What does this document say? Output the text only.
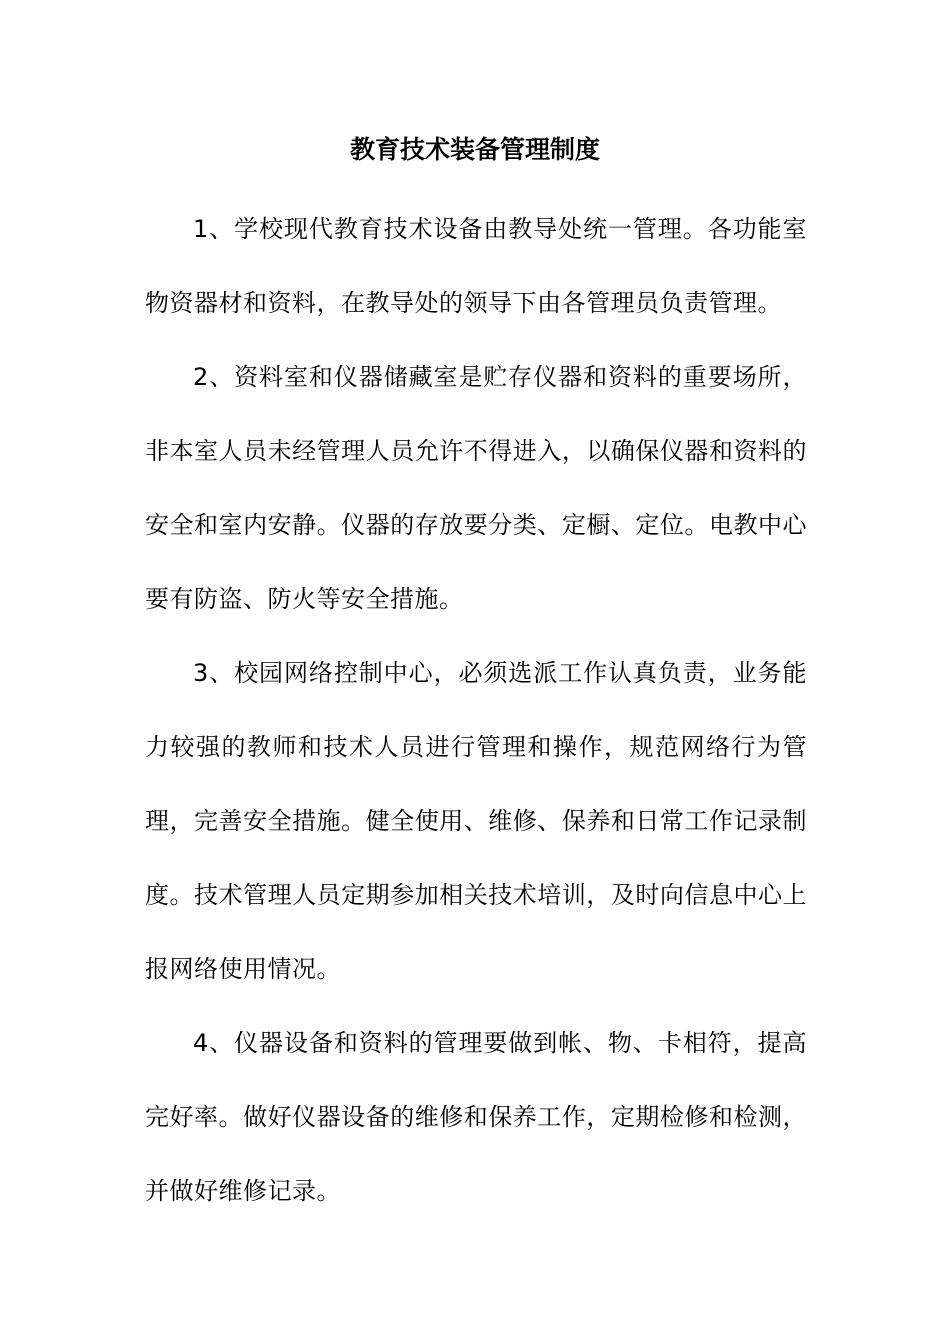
教育技术装备管理制度

1、学校现代教育技术设备由教导处统一管理。各功能室物资器材和资料，在教导处的领导下由各管理员负责管理。

2、资料室和仪器储藏室是贮存仪器和资料的重要场所，非本室人员未经管理人员允许不得进入，以确保仪器和资料的安全和室内安静。仪器的存放要分类、定橱、定位。电教中心要有防盗、防火等安全措施。

3、校园网络控制中心，必须选派工作认真负责，业务能力较强的教师和技术人员进行管理和操作，规范网络行为管理，完善安全措施。健全使用、维修、保养和日常工作记录制度。技术管理人员定期参加相关技术培训，及时向信息中心上报网络使用情况。

4、仪器设备和资料的管理要做到帐、物、卡相符，提高完好率。做好仪器设备的维修和保养工作，定期检修和检测，并做好维修记录。
